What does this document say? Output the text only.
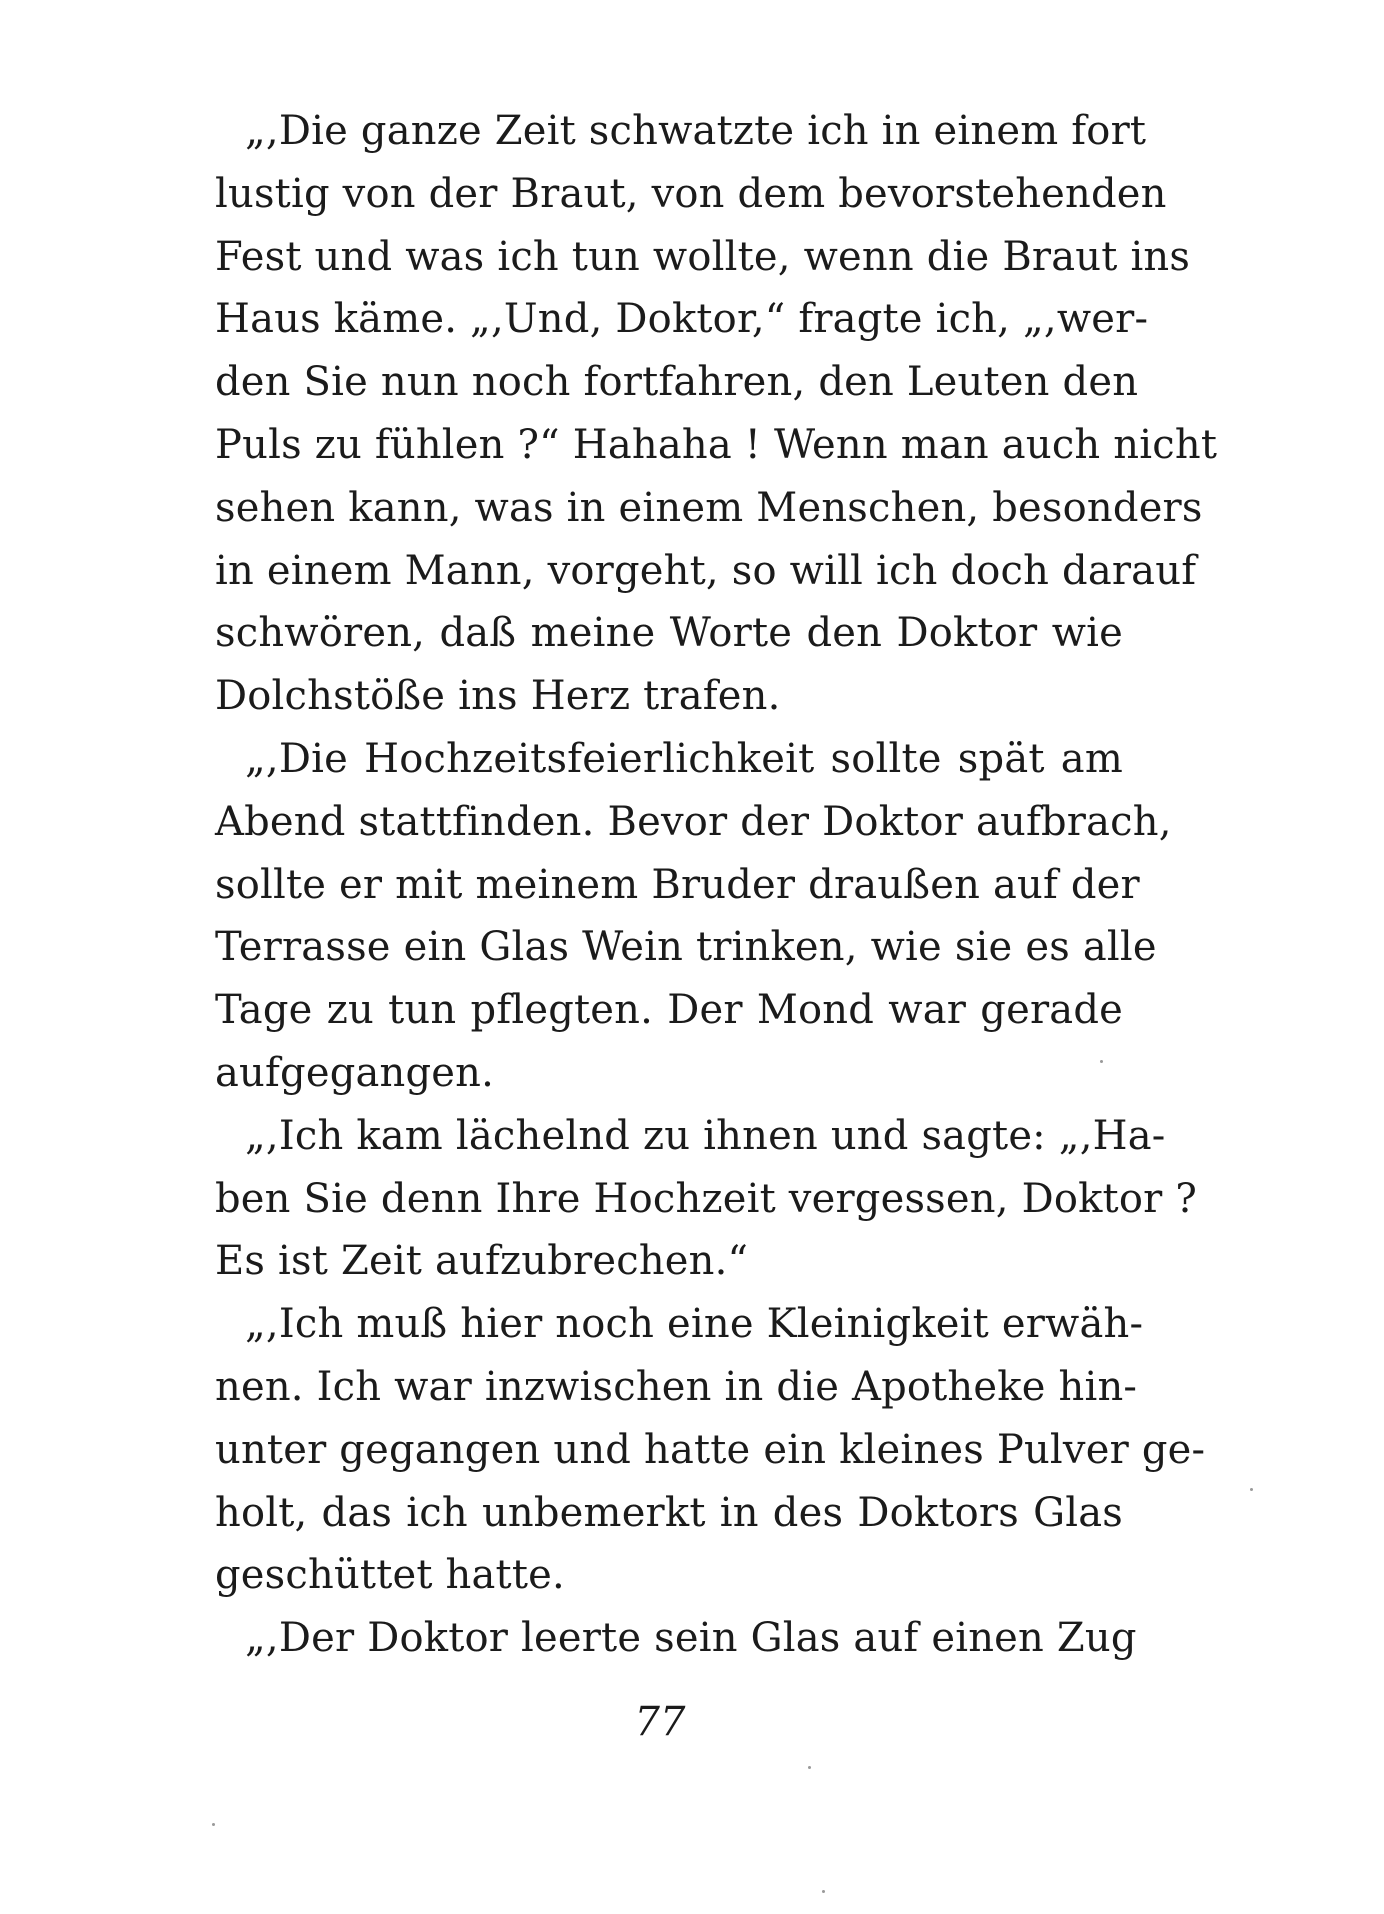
„,Die ganze Zeit schwatzte ich in einem fort
lustig von der Braut, von dem bevorstehenden
Fest und was ich tun wollte, wenn die Braut ins
Haus käme. „,Und, Doktor,“ fragte ich, „,wer-
den Sie nun noch fortfahren, den Leuten den
Puls zu fühlen ?“ Hahaha ! Wenn man auch nicht
sehen kann, was in einem Menschen, besonders
in einem Mann, vorgeht, so will ich doch darauf
schwören, daß meine Worte den Doktor wie
Dolchstöße ins Herz trafen.
„,Die Hochzeitsfeierlichkeit sollte spät am
Abend stattfinden. Bevor der Doktor aufbrach,
sollte er mit meinem Bruder draußen auf der
Terrasse ein Glas Wein trinken, wie sie es alle
Tage zu tun pflegten. Der Mond war gerade
aufgegangen.
„,Ich kam lächelnd zu ihnen und sagte: „,Ha-
ben Sie denn Ihre Hochzeit vergessen, Doktor ?
Es ist Zeit aufzubrechen.“
„,Ich muß hier noch eine Kleinigkeit erwäh-
nen. Ich war inzwischen in die Apotheke hin-
unter gegangen und hatte ein kleines Pulver ge-
holt, das ich unbemerkt in des Doktors Glas
geschüttet hatte.
„,Der Doktor leerte sein Glas auf einen Zug
77
